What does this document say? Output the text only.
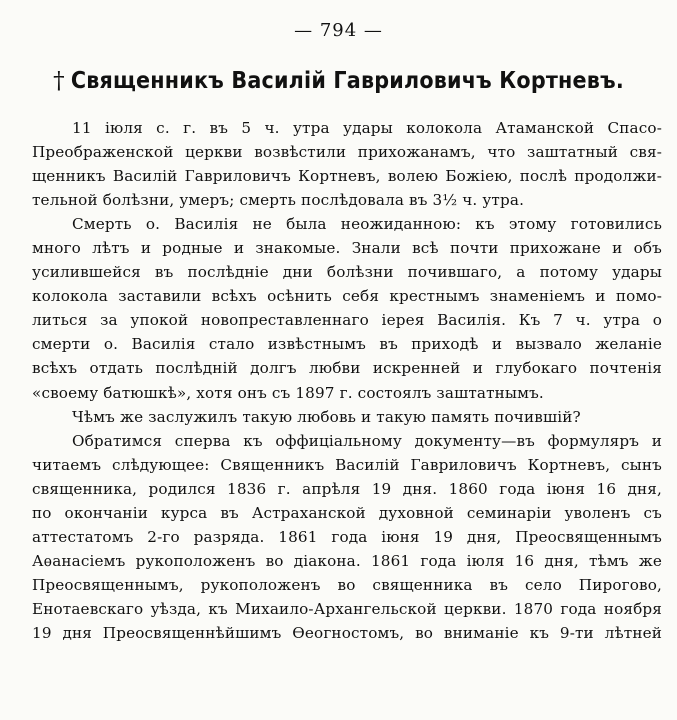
— 794 —
† Священникъ Василій Гавриловичъ Кортневъ.
11 іюля с. г. въ 5 ч. утра удары колокола Атаманской Спасо-
Преображенской церкви возвѣстили прихожанамъ, что заштатный свя-
щенникъ Василій Гавриловичъ Кортневъ, волею Божіею, послѣ продолжи-
тельной болѣзни, умеръ; смерть послѣдовала въ 3½ ч. утра.
Смерть о. Василія не была неожиданною: къ этому готовились
много лѣтъ и родные и знакомые. Знали всѣ почти прихожане и объ
усилившейся въ послѣдніе дни болѣзни почившаго, а потому удары
колокола заставили всѣхъ осѣнить себя крестнымъ знаменіемъ и помо-
литься за упокой новопреставленнаго іерея Василія. Къ 7 ч. утра о
смерти о. Василія стало извѣстнымъ въ приходѣ и вызвало желаніе
всѣхъ отдать послѣдній долгъ любви искренней и глубокаго почтенія
«своему батюшкѣ», хотя онъ съ 1897 г. состоялъ заштатнымъ.
Чѣмъ же заслужилъ такую любовь и такую память почившій?
Обратимся сперва къ оффиціальному документу—въ формуляръ и
читаемъ слѣдующее: Священникъ Василій Гавриловичъ Кортневъ, сынъ
священника, родился 1836 г. апрѣля 19 дня. 1860 года іюня 16 дня,
по окончаніи курса въ Астраханской духовной семинаріи уволенъ съ
аттестатомъ 2-го разряда. 1861 года іюня 19 дня, Преосвященнымъ
Аѳанасіемъ рукоположенъ во діакона. 1861 года іюля 16 дня, тѣмъ же
Преосвященнымъ, рукоположенъ во священника въ село Пирогово,
Енотаевскаго уѣзда, къ Михаило-Архангельской церкви. 1870 года ноября
19 дня Преосвященнѣйшимъ Ѳеогностомъ, во вниманіе къ 9-ти лѣтней
